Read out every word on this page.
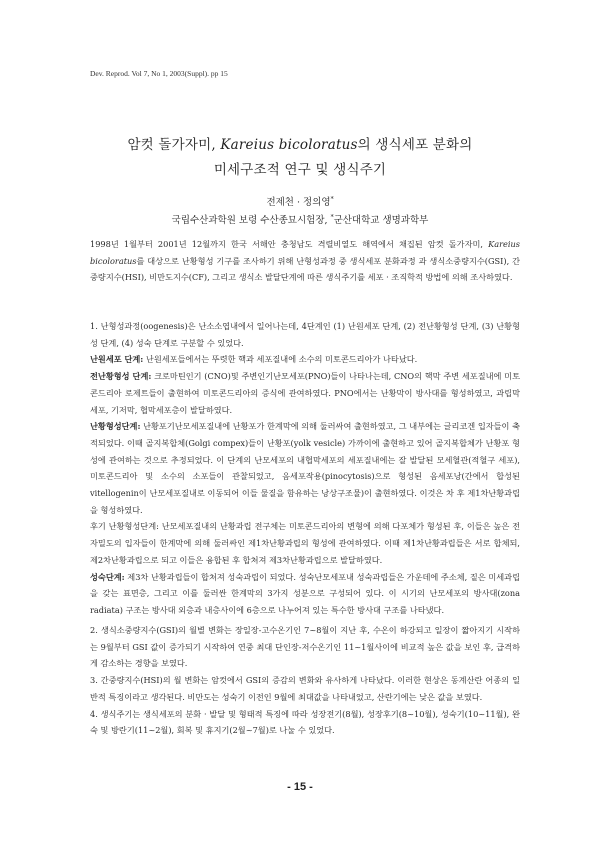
Dev. Reprod. Vol 7, No 1, 2003(Suppl). pp 15
암컷 돌가자미, Kareius bicoloratus의 생식세포 분화의
미세구조적 연구 및 생식주기
전제천 · 정의영*
국립수산과학원 보령 수산종묘시험장, *군산대학교 생명과학부

1998년 1월부터 2001년 12월까지 한국 서해안 충청남도 격렬비열도 해역에서 채집된 암컷 돌가자미, Kareius bicoloratus를 대상으로 난황형성 기구를 조사하기 위해 난형성과정 중 생식세포 분화과정 과 생식소중량지수(GSI), 간중량지수(HSI), 비만도지수(CF), 그리고 생식소 발달단계에 따른 생식주기를 세포 · 조직학적 방법에 의해 조사하였다.

1. 난형성과정(oogenesis)은 난소소엽내에서 일어나는데, 4단계인 (1) 난원세포 단계, (2) 전난황형성 단계, (3) 난황형성 단계, (4) 성숙 단계로 구분할 수 있었다.

난원세포 단계: 난원세포들에서는 뚜렷한 핵과 세포질내에 소수의 미토콘드리아가 나타났다.

전난황형성 단계: 크로마틴인기 (CNO)및 주변인기난모세포(PNO)들이 나타나는데, CNO의 핵막 주변 세포질내에 미토콘드리아 로제트들이 출현하여 미토콘드리아의 증식에 관여하였다. PNO에서는 난황막이 방사대를 형성하였고, 과립막세포, 기저막, 협막세포층이 발달하였다.

난황형성단계: 난황포기난모세포질내에 난황포가 한계막에 의해 둘러싸여 출현하였고, 그 내부에는 글리코겐 입자들이 축적되었다. 이때 골지복합체(Golgi compex)들이 난황포(yolk vesicle) 가까이에 출현하고 있어 골지복합체가 난황포 형성에 관여하는 것으로 추정되었다. 이 단계의 난모세포의 내협막세포의 세포질내에는 잘 발달된 모세혈관(적혈구 세포), 미토콘드리아 및 소수의 소포들이 관찰되었고, 음세포작용(pinocytosis)으로 형성된 음세포낭(간에서 합성된 vitellogenin이 난모세포질내로 이동되어 이들 물질을 함유하는 낭상구조물)이 출현하였다. 이것은 차 후 제1차난황과립을 형성하였다.

후기 난황형성단계: 난모세포질내의 난황과립 전구체는 미토콘드리아의 변형에 의해 다포체가 형성된 후, 이들은 높은 전자밀도의 입자들이 한계막에 의해 둘러싸인 제1차난황과립의 형성에 관여하였다. 이때 제1차난황과립들은 서로 합체되, 제2차난황과립으로 되고 이들은 융합된 후 합쳐져 제3차난황과립으로 발달하였다.

성숙단계: 제3차 난황과립들이 합쳐져 성숙과립이 되었다. 성숙난모세포내 성숙과립들은 가운데에 주소체, 짙은 미세과립을 갖는 표면층, 그리고 이를 둘러싼 한계막의 3가지 성분으로 구성되어 있다. 이 시기의 난모세포의 방사대(zona radiata) 구조는 방사대 외층과 내층사이에 6층으로 나누어져 있는 특수한 방사대 구조를 나타냈다.

2. 생식소중량지수(GSI)의 월별 변화는 장일장-고수온기인 7~8월이 지난 후, 수온이 하강되고 일장이 짧아지기 시작하는 9월부터 GSI 값이 증가되기 시작하여 연중 최대 단인장-저수온기인 11~1월사이에 비교적 높은 값을 보인 후, 급격하게 감소하는 경향을 보였다.

3. 간중량지수(HSI)의 월 변화는 암컷에서 GSI의 증감의 변화와 유사하게 나타났다. 이러한 현상은 동계산란 어종의 일반적 특징이라고 생각된다. 비만도는 성숙기 이전인 9월에 최대값을 나타내었고, 산란기에는 낮은 값을 보였다.

4. 생식주기는 생식세포의 분화 · 발달 및 형태적 특징에 따라 성장전기(8월), 성장후기(8~10월), 성숙기(10~11월), 완숙 및 방란기(11~2월), 회복 및 휴지기(2월~7월)로 나눌 수 있었다.

- 15 -
